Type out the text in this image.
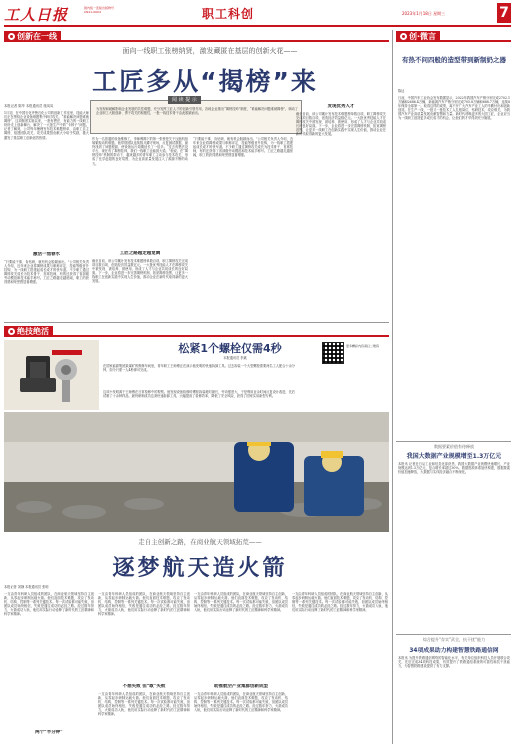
工人日报	国内统一连续出版物号
CN11-0004	职工科创	2023年1月18日 星期三	7
创新在一线
面向一线职工张榜纳贤，激发藏匿在基层的创新火花——
工匠多从“揭榜”来
本报记者 陈华 本报通讯员 施凤凤
阅 读 提 示
为发现和破解影响企业发展的共性难题，充分发挥工匠人才的创新引领作用，各地企业推出“揭榜挂帅”制度，“谁能解决问题谁就揭榜”，调动了企业职工大胆创新、勇于攻关的积极性，一批一线技术骨干由此脱颖而出。
1月初，在中国石化齐鲁石化公司的创新工作室里，技能大师们正在围绕企业设备难题集中研讨攻关。“谁能解决问题谁就揭榜”，这项制度实施以来，一批有想法、有能力的一线职工纷纷走上创新舞台，解决了一大批生产中的“卡脖子”问题。记者了解到，公司每年梳理发布技术难题榜单，由职工自主揭榜、组建团队攻关，攻关成果按贡献大小给予奖励，极大激发了基层职工创新创效热情。
激活一池春水
“只要能干事、肯钻研，就有机会脱颖而出。”公司相关负责人介绍，近年来企业将揭榜成果与职称评定、技能等级晋升挂钩，为一线职工搭建起成长成才的快车道。不少职工通过揭榜攻关成长为技术骨干、首席技师，有的还获得了省部级劳动模范和技术能手称号。工匠之路越走越宽阔，职工的获得感和荣誉感显著增强。
作为一名普通的设备维修工，李师傅揭下的第一张榜是关于压缩机组频繁振动的难题。他带领团队连续数月蹲守现场，反复测试数据，最终找到了问题根源，使设备运行周期延长了一倍多。“过去有想法没平台，现在有了揭榜挂帅，我们一线职工也能挑大梁。”他说。在“揭榜挂帅”机制的带动下，越来越多的青年职工主动参与技术攻关，形成了比学赶超的良好氛围，为企业高质量发展注入了源源不断的动力。
工匠之路越走越宽阔
截至目前，该公司累计发布技术难题榜单数百项，职工揭榜攻关完成项目数百项，创造经济效益数亿元。一大批优秀技能人才在揭榜攻关中被发现、被培养、被使用，形成了人才与企业共同成长的良好局面。下一步，企业将进一步完善揭榜机制，拓宽揭榜范围，让更多一线职工在创新实践中实现人生价值，推动企业在新时代取得新的更大发展。
“只要能干事、肯钻研，就有机会脱颖而出。”公司相关负责人介绍，近年来企业将揭榜成果与职称评定、技能等级晋升挂钩，为一线职工搭建起成长成才的快车道。不少职工通过揭榜攻关成长为技术骨干、首席技师，有的还获得了省部级劳动模范和技术能手称号。工匠之路越走越宽阔，职工的获得感和荣誉感显著增强。
发现优秀人才
截至目前，该公司累计发布技术难题榜单数百项，职工揭榜攻关完成项目数百项，创造经济效益数亿元。一大批优秀技能人才在揭榜攻关中被发现、被培养、被使用，形成了人才与企业共同成长的良好局面。下一步，企业将进一步完善揭榜机制，拓宽揭榜范围，让更多一线职工在创新实践中实现人生价值，推动企业在新时代取得新的更大发展。
绝技绝活
松紧1个螺栓仅需4秒
本报通讯员 李斌
在国家能源集团某煤矿的维修车间里，青年职工王师傅正在演示他发明的快速拆卸工具。过去拆装一个大型螺栓需要两名工人配合十余分钟，如今只需一人4秒即可完成。
这项小发明源于王师傅在日常检修中的观察。他发现设备检修时螺栓拆装耗时最长，劳动强度大，于是利用业余时间反复设计改进，先后试制了十余种样品，最终研制成功这套快速拆卸工具，大幅提高了检修效率，降低了安全风险，获得了国家实用新型专利。
更多精彩内容请扫二维码
走自主创新之路，在商业航天领域拓荒——
逐梦航天造火箭
本报记者 刘静 本报通讯员 张明
一支由青年科研人员组成的团队，在商业航天领域坚持自主创新，从零起步研制运载火箭。他们直面技术难题，攻克了发动机、结构、控制等一系列关键技术。每一次试验都可能失败，但团队成员始终相信，失败是通往成功的必经之路。经过数年努力，火箭成功入轨，他们用实际行动诠释了新时代的工匠精神和科学家精神。
两个“半分钟”
一支由青年科研人员组成的团队，在商业航天领域坚持自主创新，从零起步研制运载火箭。他们直面技术难题，攻克了发动机、结构、控制等一系列关键技术。每一次试验都可能失败，但团队成员始终相信，失败是通往成功的必经之路。经过数年努力，火箭成功入轨，他们用实际行动诠释了新时代的工匠精神和科学家精神。
不想失败 但“敢”失败
一支由青年科研人员组成的团队，在商业航天领域坚持自主创新，从零起步研制运载火箭。他们直面技术难题，攻克了发动机、结构、控制等一系列关键技术。每一次试验都可能失败，但团队成员始终相信，失败是通往成功的必经之路。经过数年努力，火箭成功入轨，他们用实际行动诠释了新时代的工匠精神和科学家精神。
一支由青年科研人员组成的团队，在商业航天领域坚持自主创新，从零起步研制运载火箭。他们直面技术难题，攻克了发动机、结构、控制等一系列关键技术。每一次试验都可能失败，但团队成员始终相信，失败是通往成功的必经之路。经过数年努力，火箭成功入轨，他们用实际行动诠释了新时代的工匠精神和科学家精神。
助推航空产业集群创新成型
一支由青年科研人员组成的团队，在商业航天领域坚持自主创新，从零起步研制运载火箭。他们直面技术难题，攻克了发动机、结构、控制等一系列关键技术。每一次试验都可能失败，但团队成员始终相信，失败是通往成功的必经之路。经过数年努力，火箭成功入轨，他们用实际行动诠释了新时代的工匠精神和科学家精神。
一支由青年科研人员组成的团队，在商业航天领域坚持自主创新，从零起步研制运载火箭。他们直面技术难题，攻克了发动机、结构、控制等一系列关键技术。每一次试验都可能失败，但团队成员始终相信，失败是通往成功的必经之路。经过数年努力，火箭成功入轨，他们用实际行动诠释了新时代的工匠精神和科学家精神。
创·微言
有热不问四般的造型带到新制奶之器
陈达
日前，中国汽车工业协会发布数据显示，2022年我国汽车产销分别完成2702.1万辆和2686.4万辆，新能源汽车产销分别完成705.8万辆和688.7万辆，连续8年保持全球第一。取得这样的成绩，离不开广大汽车产业工人的辛勤付出和创新创造。在生产一线，一批又一批技术工人扎根岗位，钻研技术，攻克难关，为我国汽车产业高质量发展贡献智慧和力量。新时代呼唤更多的大国工匠，企业应当为一线职工创造更多成长成才的机会，让他们的才华得到充分施展。
数据要素价值有待释放
我国大数据产业规模增至1.3万亿元
本报讯 记者近日从工业和信息化部获悉，我国大数据产业规模快速增长，产业规模达到1.3万亿元，复合增长率超过30%。数据资源体系加快构建，数据要素价值加速释放，大数据与实体经济融合不断深化。
综合提升“存实”武全，抗干扰“能力
34项成果助力构建智慧铁路通信网
本报讯 为提升铁路通信网络的智能化水平，有关单位组织科技人员开展联合攻关，先后完成34项科技成果，有效提升了铁路通信系统的可靠性和抗干扰能力，为智慧铁路建设提供了有力支撑。
